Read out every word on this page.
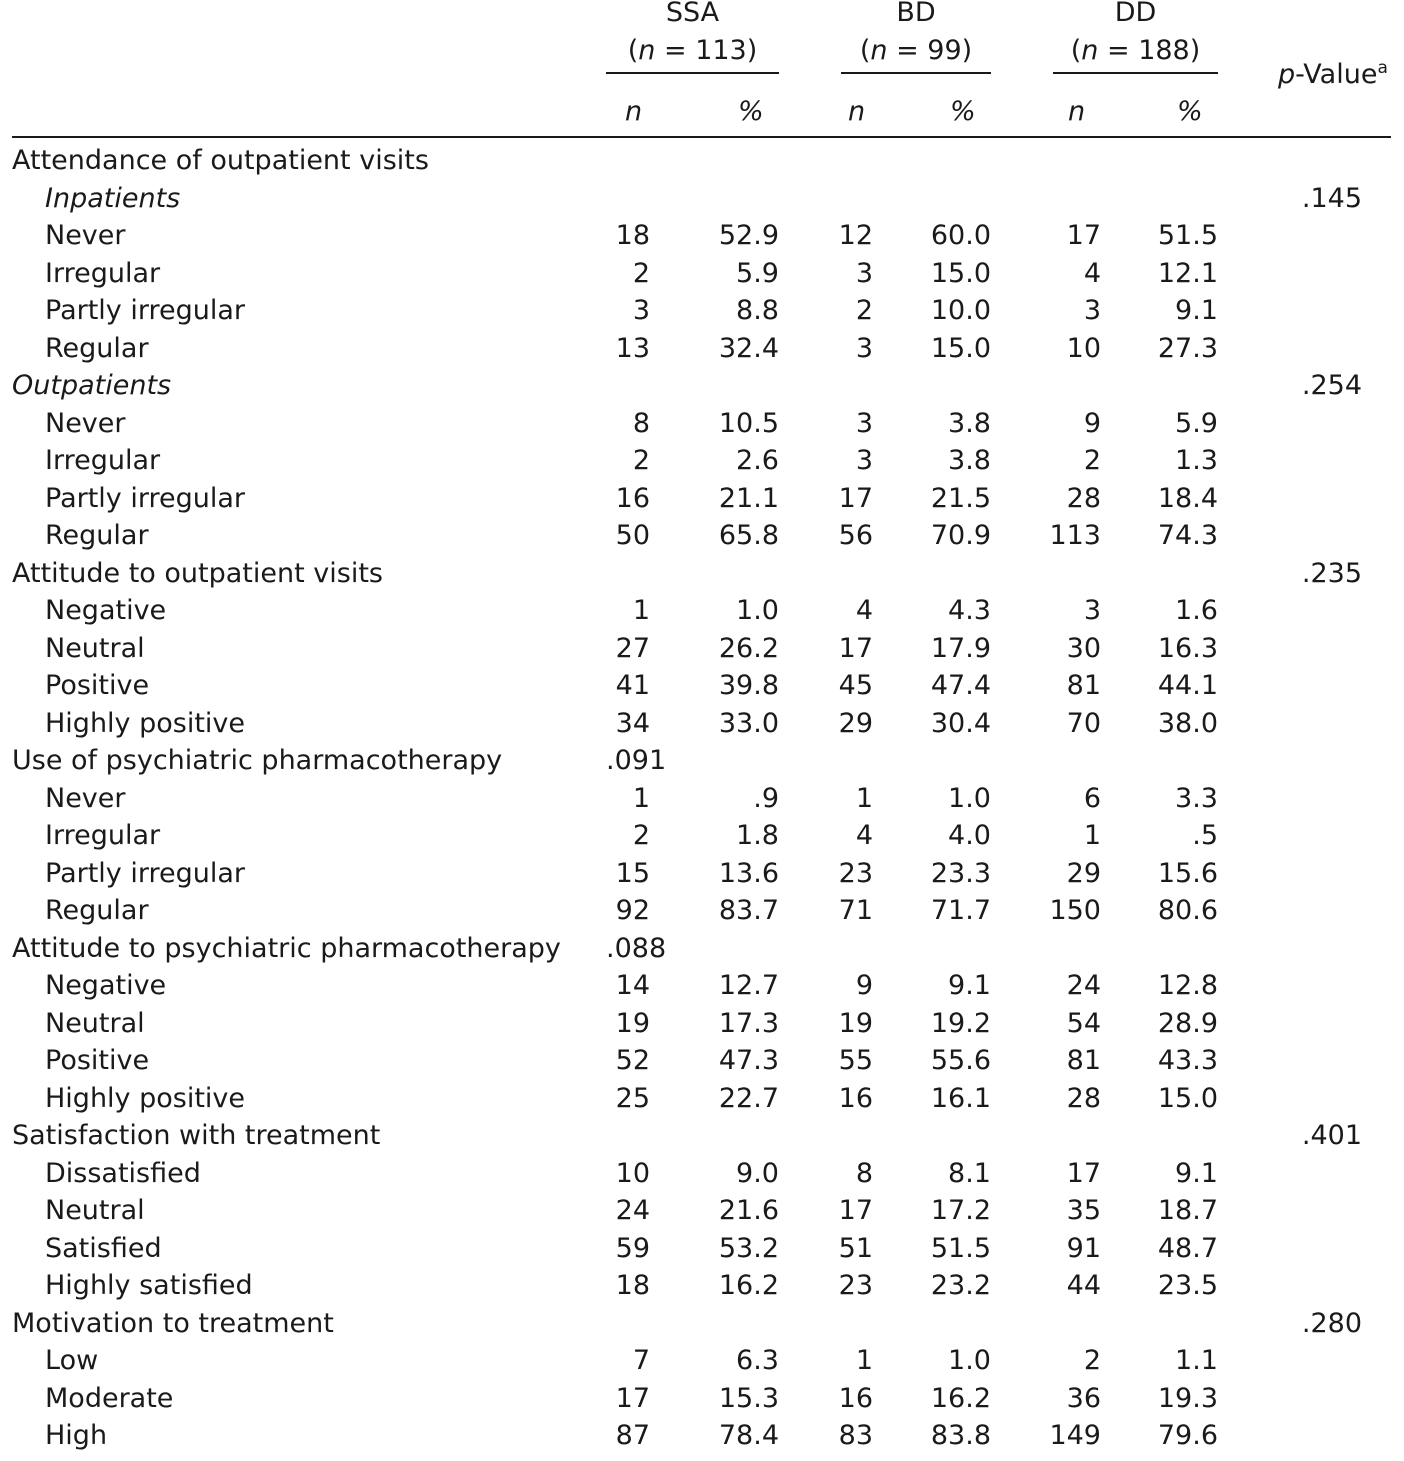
SSA
(n = 113)
BD
(n = 99)
DD
(n = 188)
p-Value$^a$
n	%	n	%	n	%
Attendance of outpatient visits
Inpatients	.145
Never	18	52.9 12 60.0	17 51.5
Irregular	2	5.9	3 15.0	4 12.1
Partly irregular	3	8.8	2 10.0	3	9.1
Regular	13	32.4	3 15.0	10 27.3
Outpatients	.254
Never	8	10.5	3	3.8	9	5.9
Irregular	2	2.6	3	3.8	2	1.3
Partly irregular	16	21.1 17 21.5	28 18.4
Regular	50	65.8 56 70.9 113 74.3
Attitude to outpatient visits	.235
Negative	1	1.0	4	4.3	3	1.6
Neutral	27	26.2 17 17.9	30 16.3
Positive	41	39.8 45 47.4	81 44.1
Highly positive	34	33.0 29 30.4	70 38.0
Use of psychiatric pharmacotherapy	.091
Never	1	.9	1	1.0	6	3.3
Irregular	2	1.8	4	4.0	1	.5
Partly irregular	15	13.6 23 23.3	29 15.6
Regular	92	83.7 71 71.7 150 80.6
Attitude to psychiatric pharmacotherapy .088
Negative	14	12.7	9	9.1	24 12.8
Neutral	19	17.3 19 19.2	54 28.9
Positive	52	47.3 55 55.6	81 43.3
Highly positive	25	22.7 16 16.1	28 15.0
Satisfaction with treatment	.401
Dissatisfied	10	9.0	8	8.1	17	9.1
Neutral	24	21.6 17 17.2	35 18.7
Satisfied	59	53.2 51 51.5	91 48.7
Highly satisfied	18	16.2 23 23.2	44 23.5
Motivation to treatment	.280
Low	7	6.3	1	1.0	2	1.1
Moderate	17	15.3 16 16.2	36 19.3
High	87	78.4 83 83.8 149 79.6
